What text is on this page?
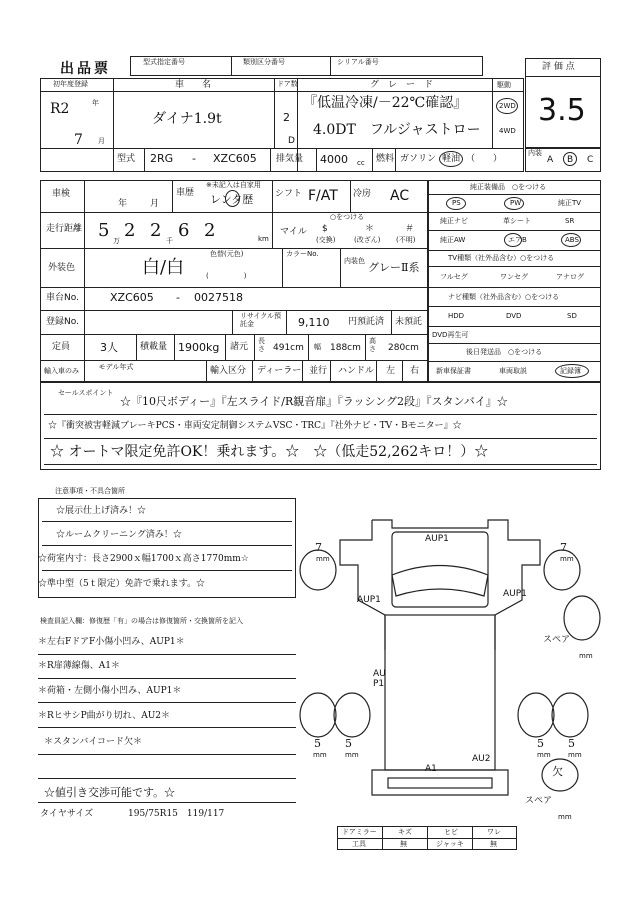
出品票	型式指定番号	類別区分番号	シリアル番号	評 価 点
3.5
初年度登録
R2	年
7 月
車　　名
ダイナ1.9t
ドア数
2
D
グ　レ　ー　ド
『低温冷凍/－22℃確認』
4.0DT　フルジャストロー
駆動
2WD
4WD
型式 2RG - XZC605 排気量 4000 cc 燃料 ガソリン 軽油 （　　）
内装
A B C
車検
年	月
車歴
※未記入は自家用
レンタ歴 シフト F/AT 冷房 AC
走行距離 5 万 2 2 千 6 2	km
マイル
○をつける
$
(交換)
＊
(改ざん)
＃
(不明)
外装色	白/白
色替(元色)
(　　　　　)
カラーNo.
内装色 グレーⅡ系
車台No.	XZC605 - 0027518
登録No.
リサイクル預託金	9,110 円預託済 未預託
定員	3人 積載量 1900kg 諸元
長さ 491cm 幅 188cm
高さ 280cm
輸入車のみ	モデル年式	輸入区分 ディーラー 並行 ハンドル 左 右
純正装備品　○をつける
PS	PW	純正TV
純正ナビ	革シート	SR
純正AW	エアB	ABS
TV種類（社外品含む）○をつける
フルセグ	ワンセグ	アナログ
ナビ種類（社外品含む）○をつける
HDD	DVD	SD
DVD再生可
後日発送品　○をつける
新車保証書	車両取説	記録簿
セールスポイント
☆『10尺ボディー』『左スライド/R観音扉』『ラッシング2段』『スタンバイ』☆
☆『衝突被害軽減ブレーキPCS・車両安定制御システムVSC・TRC』『社外ナビ・TV・Bモニター』☆
☆ オートマ限定免許OK！乗れます。☆　☆（低走52,262キロ！）☆
注意事項・不具合箇所
☆展示仕上げ済み！☆
☆ルームクリーニング済み！☆
☆荷室内寸：長さ2900ｘ幅1700ｘ高さ1770mm☆
☆準中型（5ｔ限定）免許で乗れます。☆
検査員記入欄：修復歴「有」の場合は修復箇所・交換箇所を記入
＊左右FドアF小傷小凹み、AUP1＊
＊R扉薄線傷、A1＊
＊荷箱・左側小傷小凹み、AUP1＊
＊RヒサシP曲がり切れ、AU2＊
＊スタンバイコード欠＊
☆値引き交渉可能です。☆
タイヤサイズ	195/75R15　119/117
AUP1
AUP1
AUP1
AU
P1
A1
AU2
7
mm
7
mm
5
mm
5
mm
5
mm
5
mm
スペア
mm
欠
スペア
mm
ドアミラー	キズ	ヒビ	ワレ
工具	無	ジャッキ	無
